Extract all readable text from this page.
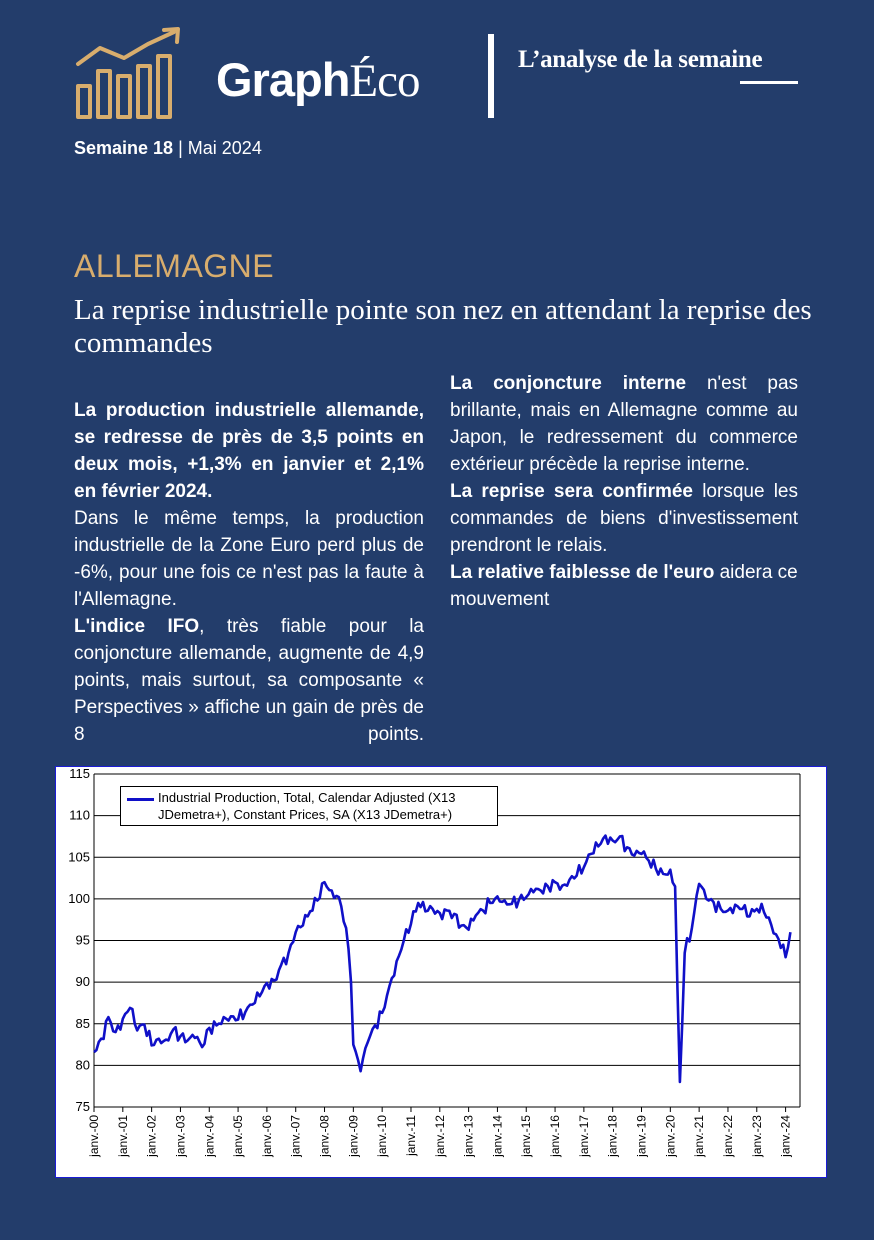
GraphÉco	L’analyse de la semaine
Semaine 18 | Mai 2024
ALLEMAGNE
La reprise industrielle pointe son nez en attendant la reprise des commandes

La production industrielle allemande, se redresse de près de 3,5 points en deux mois, +1,3% en janvier et 2,1% en février 2024.

Dans le même temps, la production industrielle de la Zone Euro perd plus de -6%, pour une fois ce n'est pas la faute à l'Allemagne.

L'indice IFO, très fiable pour la conjoncture allemande, augmente de 4,9 points, mais surtout, sa composante « Perspectives » affiche un gain de près de 8 points.

La conjoncture interne n'est pas brillante, mais en Allemagne comme au Japon, le redressement du commerce extérieur précède la reprise interne.

La reprise sera confirmée lorsque les commandes de biens d'investissement prendront le relais.

La relative faiblesse de l'euro aidera ce mouvement

75
80
85
90
95
100
105
110
115
janv.-00 janv.-01 janv.-02 janv.-03 janv.-04 janv.-05 janv.-06 janv.-07 janv.-08 janv.-09 janv.-10 janv.-11 janv.-12 janv.-13 janv.-14 janv.-15 janv.-16 janv.-17 janv.-18 janv.-19 janv.-20 janv.-21 janv.-22 janv.-23 janv.-24
Industrial Production, Total, Calendar Adjusted (X13 JDemetra+), Constant Prices, SA (X13 JDemetra+)
